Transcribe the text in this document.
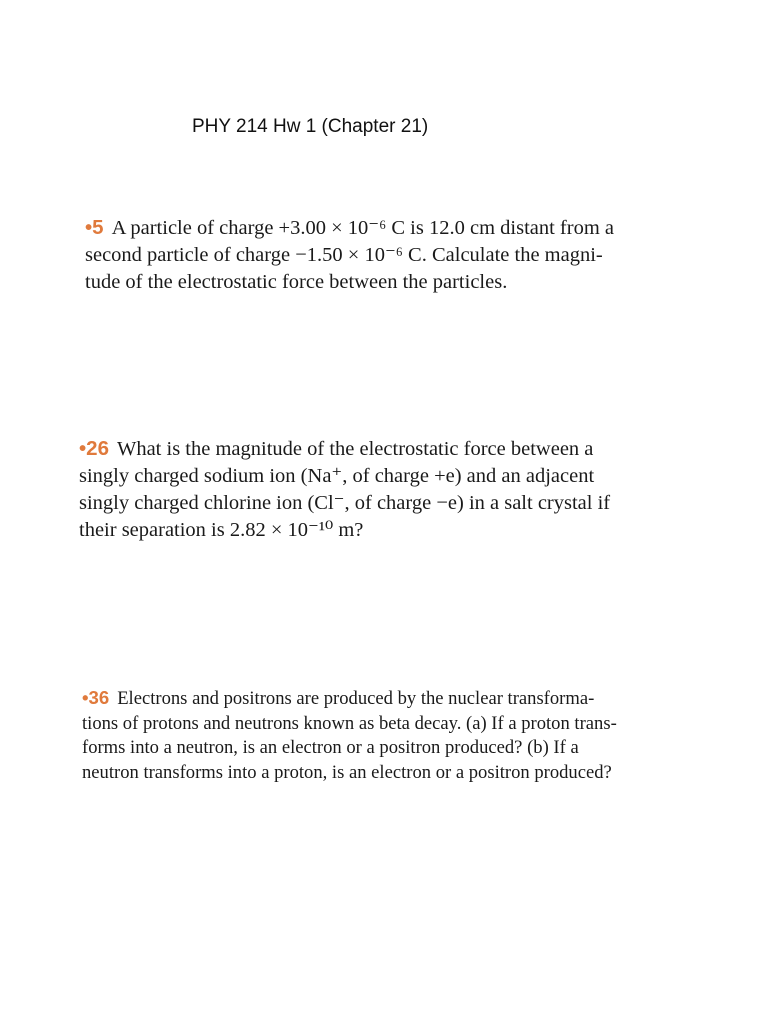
PHY 214 Hw 1 (Chapter 21)
•5 A particle of charge +3.00 × 10⁻⁶ C is 12.0 cm distant from a
second particle of charge −1.50 × 10⁻⁶ C. Calculate the magni-
tude of the electrostatic force between the particles.
•26 What is the magnitude of the electrostatic force between a
singly charged sodium ion (Na⁺, of charge +e) and an adjacent
singly charged chlorine ion (Cl⁻, of charge −e) in a salt crystal if
their separation is 2.82 × 10⁻¹⁰ m?
•36 Electrons and positrons are produced by the nuclear transforma-
tions of protons and neutrons known as beta decay. (a) If a proton trans-
forms into a neutron, is an electron or a positron produced? (b) If a
neutron transforms into a proton, is an electron or a positron produced?
